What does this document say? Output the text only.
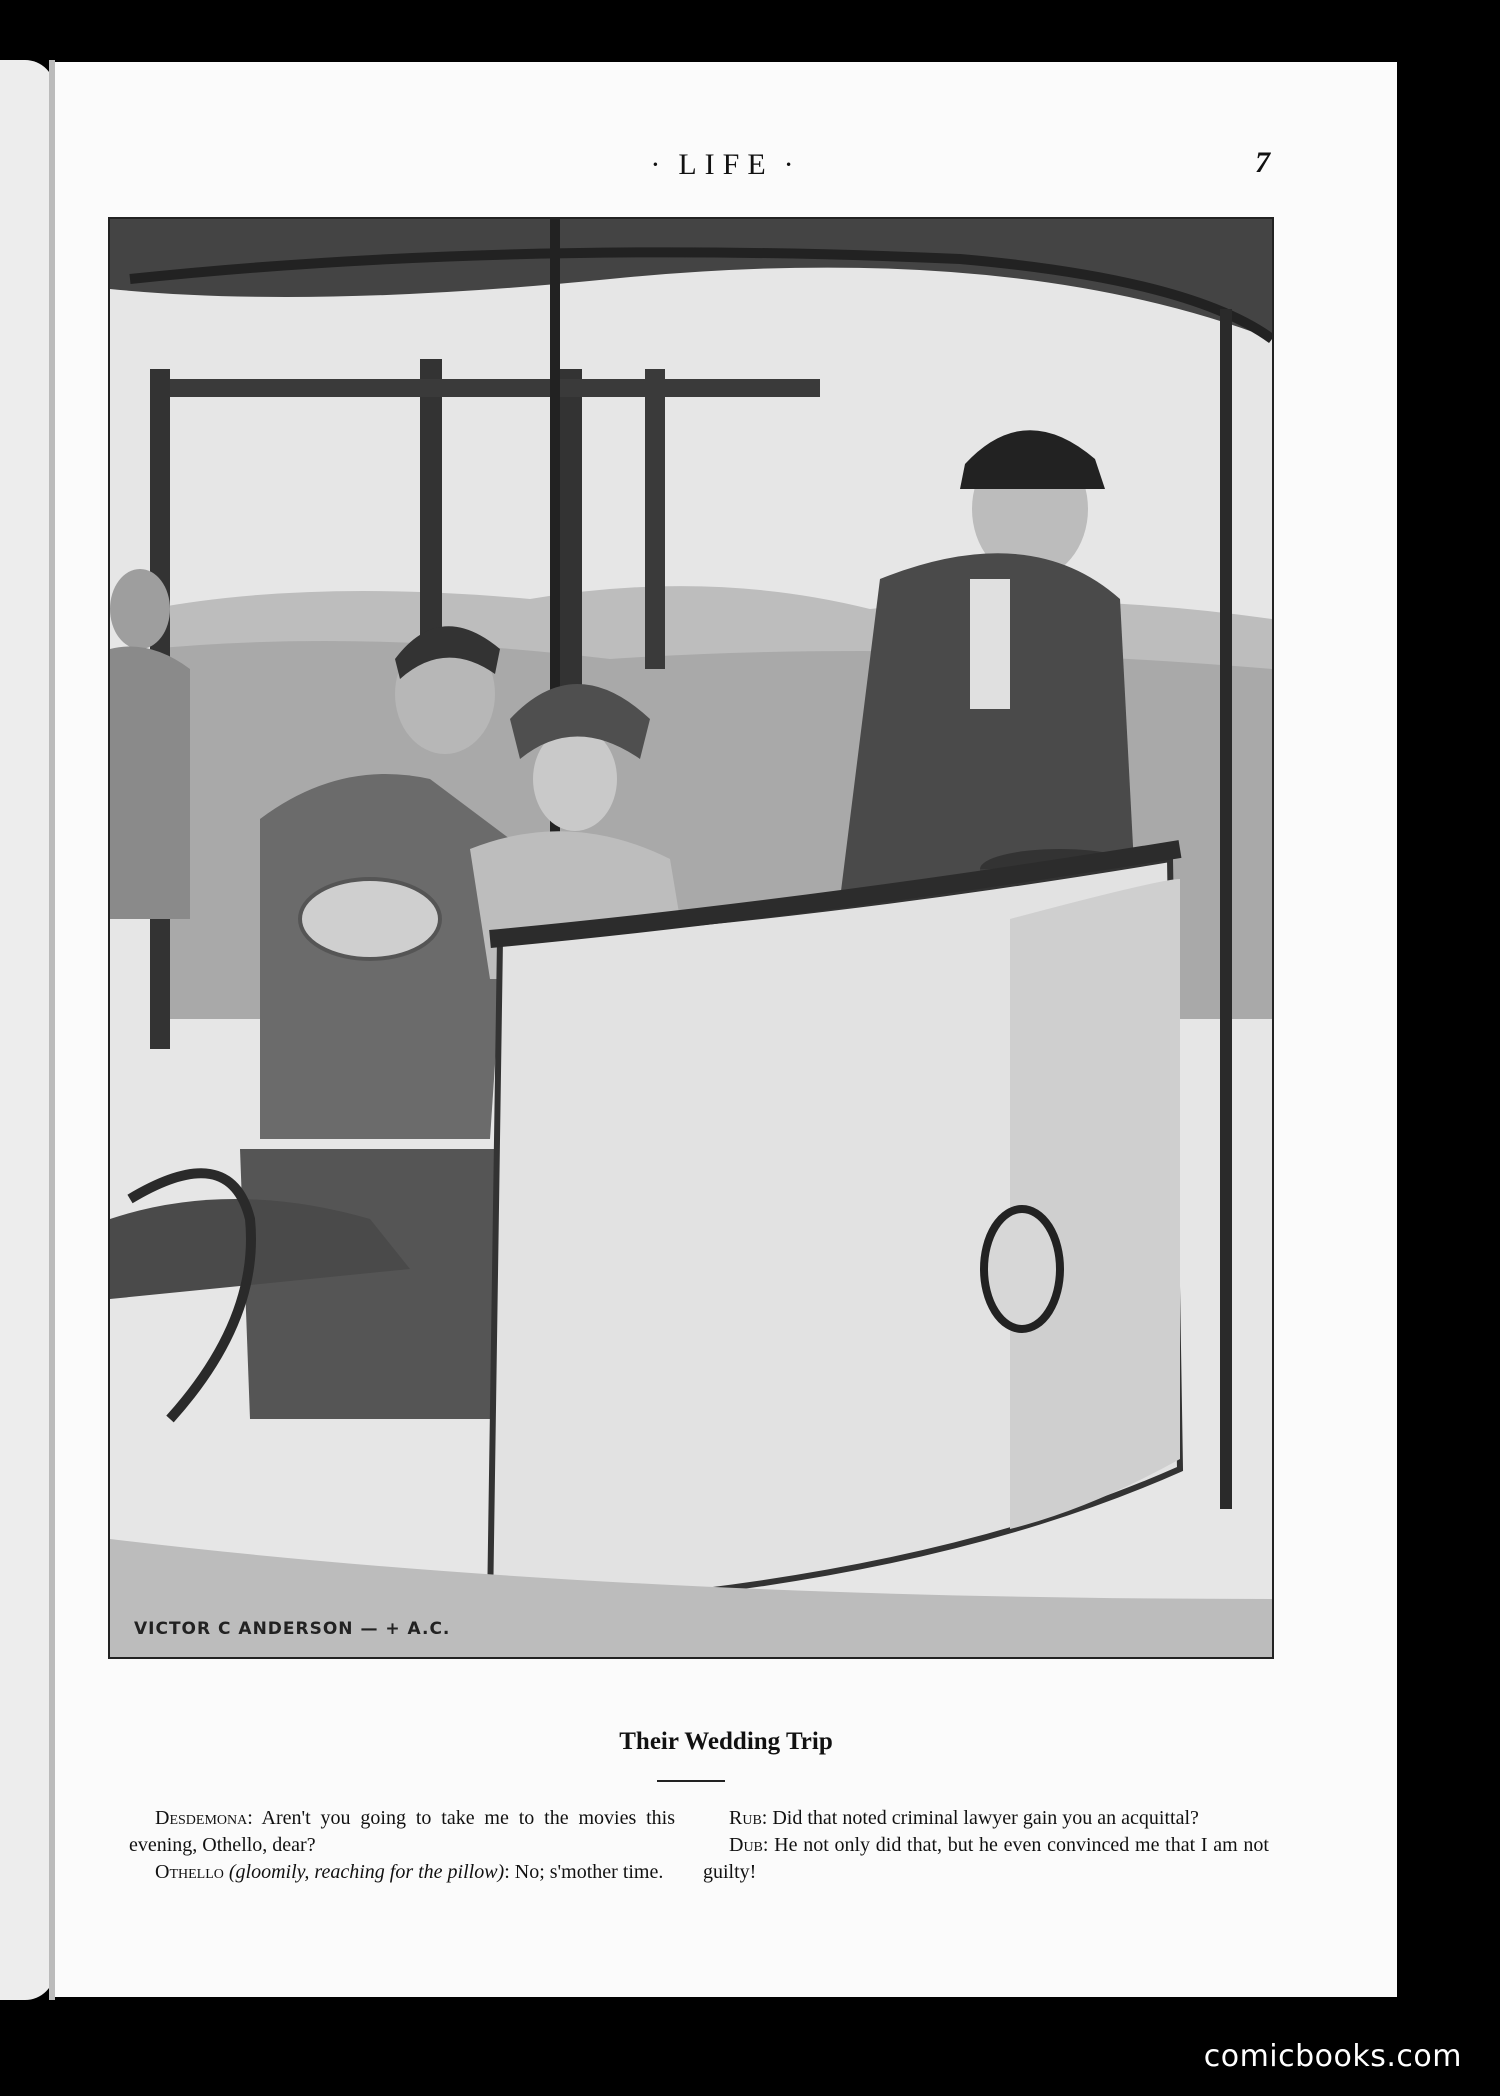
· LIFE ·	7
VICTOR C ANDERSON — + A.C.
Their Wedding Trip

Desdemona: Aren't you going to take me to the movies this evening, Othello, dear?

Othello (gloomily, reaching for the pillow): No; s'mother time.

Rub: Did that noted criminal lawyer gain you an acquittal?

Dub: He not only did that, but he even convinced me that I am not guilty!

comicbooks.com
